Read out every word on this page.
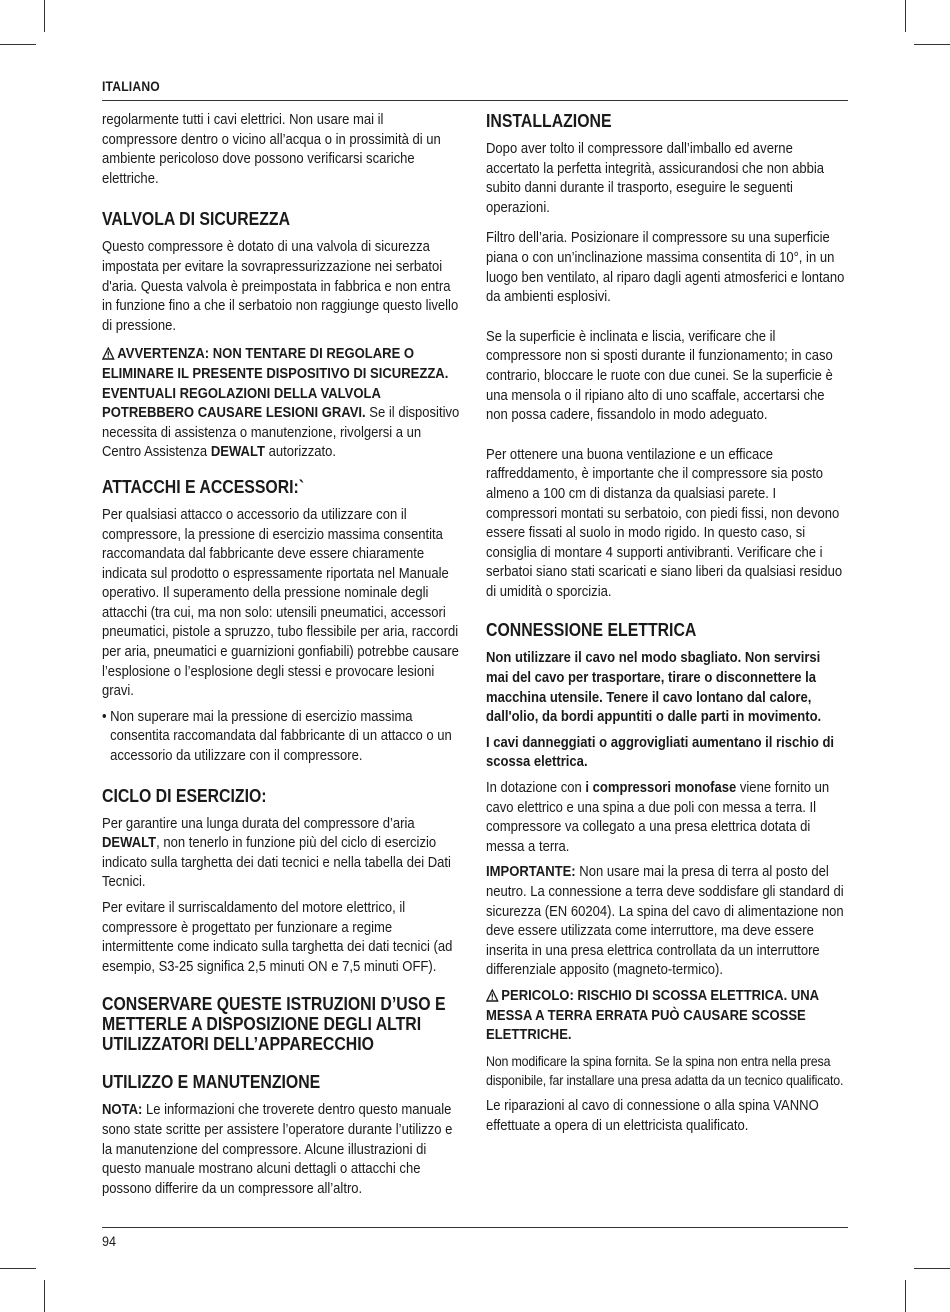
ITALIANO

regolarmente tutti i cavi elettrici. Non usare mai il compressore dentro o vicino all’acqua o in prossimità di un ambiente pericoloso dove possono verificarsi scariche elettriche.

VALVOLA DI SICUREZZA

Questo compressore è dotato di una valvola di sicurezza impostata per evitare la sovrapressurizzazione nei serbatoi d'aria. Questa valvola è preimpostata in fabbrica e non entra in funzione fino a che il serbatoio non raggiunge questo livello di pressione.

AVVERTENZA: NON TENTARE DI REGOLARE O ELIMINARE IL PRESENTE DISPOSITIVO DI SICUREZZA. EVENTUALI REGOLAZIONI DELLA VALVOLA POTREBBERO CAUSARE LESIONI GRAVI. Se il dispositivo necessita di assistenza o manutenzione, rivolgersi a un Centro Assistenza DEWALT autorizzato.

ATTACCHI E ACCESSORI:`

Per qualsiasi attacco o accessorio da utilizzare con il compressore, la pressione di esercizio massima consentita raccomandata dal fabbricante deve essere chiaramente indicata sul prodotto o espressamente riportata nel Manuale operativo. Il superamento della pressione nominale degli attacchi (tra cui, ma non solo: utensili pneumatici, accessori pneumatici, pistole a spruzzo, tubo flessibile per aria, raccordi per aria, pneumatici e guarnizioni gonfiabili) potrebbe causare l’esplosione o l’esplosione degli stessi e provocare lesioni gravi.

• Non superare mai la pressione di esercizio massima consentita raccomandata dal fabbricante di un attacco o un accessorio da utilizzare con il compressore.
CICLO DI ESERCIZIO:

Per garantire una lunga durata del compressore d’aria DEWALT, non tenerlo in funzione più del ciclo di esercizio indicato sulla targhetta dei dati tecnici e nella tabella dei Dati Tecnici.

Per evitare il surriscaldamento del motore elettrico, il compressore è progettato per funzionare a regime intermittente come indicato sulla targhetta dei dati tecnici (ad esempio, S3-25 significa 2,5 minuti ON e 7,5 minuti OFF).

CONSERVARE QUESTE ISTRUZIONI D’USO E METTERLE A DISPOSIZIONE DEGLI ALTRI UTILIZZATORI DELL’APPARECCHIO
UTILIZZO E MANUTENZIONE

NOTA: Le informazioni che troverete dentro questo manuale sono state scritte per assistere l’operatore durante l’utilizzo e la manutenzione del compressore. Alcune illustrazioni di questo manuale mostrano alcuni dettagli o attacchi che possono differire da un compressore all’altro.

INSTALLAZIONE

Dopo aver tolto il compressore dall’imballo ed averne accertato la perfetta integrità, assicurandosi che non abbia subito danni durante il trasporto, eseguire le seguenti operazioni.

Filtro dell’aria. Posizionare il compressore su una superficie piana o con un’inclinazione massima consentita di 10°, in un luogo ben ventilato, al riparo dagli agenti atmosferici e lontano da ambienti esplosivi.

Se la superficie è inclinata e liscia, verificare che il compressore non si sposti durante il funzionamento; in caso contrario, bloccare le ruote con due cunei. Se la superficie è una mensola o il ripiano alto di uno scaffale, accertarsi che non possa cadere, fissandolo in modo adeguato.

Per ottenere una buona ventilazione e un efficace raffreddamento, è importante che il compressore sia posto almeno a 100 cm di distanza da qualsiasi parete. I compressori montati su serbatoio, con piedi fissi, non devono essere fissati al suolo in modo rigido. In questo caso, si consiglia di montare 4 supporti antivibranti. Verificare che i serbatoi siano stati scaricati e siano liberi da qualsiasi residuo di umidità o sporcizia.

CONNESSIONE ELETTRICA

Non utilizzare il cavo nel modo sbagliato. Non servirsi mai del cavo per trasportare, tirare o disconnettere la macchina utensile. Tenere il cavo lontano dal calore, dall'olio, da bordi appuntiti o dalle parti in movimento.

I cavi danneggiati o aggrovigliati aumentano il rischio di scossa elettrica.

In dotazione con i compressori monofase viene fornito un cavo elettrico e una spina a due poli con messa a terra. Il compressore va collegato a una presa elettrica dotata di messa a terra.

IMPORTANTE: Non usare mai la presa di terra al posto del neutro. La connessione a terra deve soddisfare gli standard di sicurezza (EN 60204). La spina del cavo di alimentazione non deve essere utilizzata come interruttore, ma deve essere inserita in una presa elettrica controllata da un interruttore differenziale apposito (magneto-termico).

PERICOLO: RISCHIO DI SCOSSA ELETTRICA. UNA MESSA A TERRA ERRATA PUÒ CAUSARE SCOSSE ELETTRICHE.

Non modificare la spina fornita. Se la spina non entra nella presa disponibile, far installare una presa adatta da un tecnico qualificato.

Le riparazioni al cavo di connessione o alla spina VANNO effettuate a opera di un elettricista qualificato.

94
